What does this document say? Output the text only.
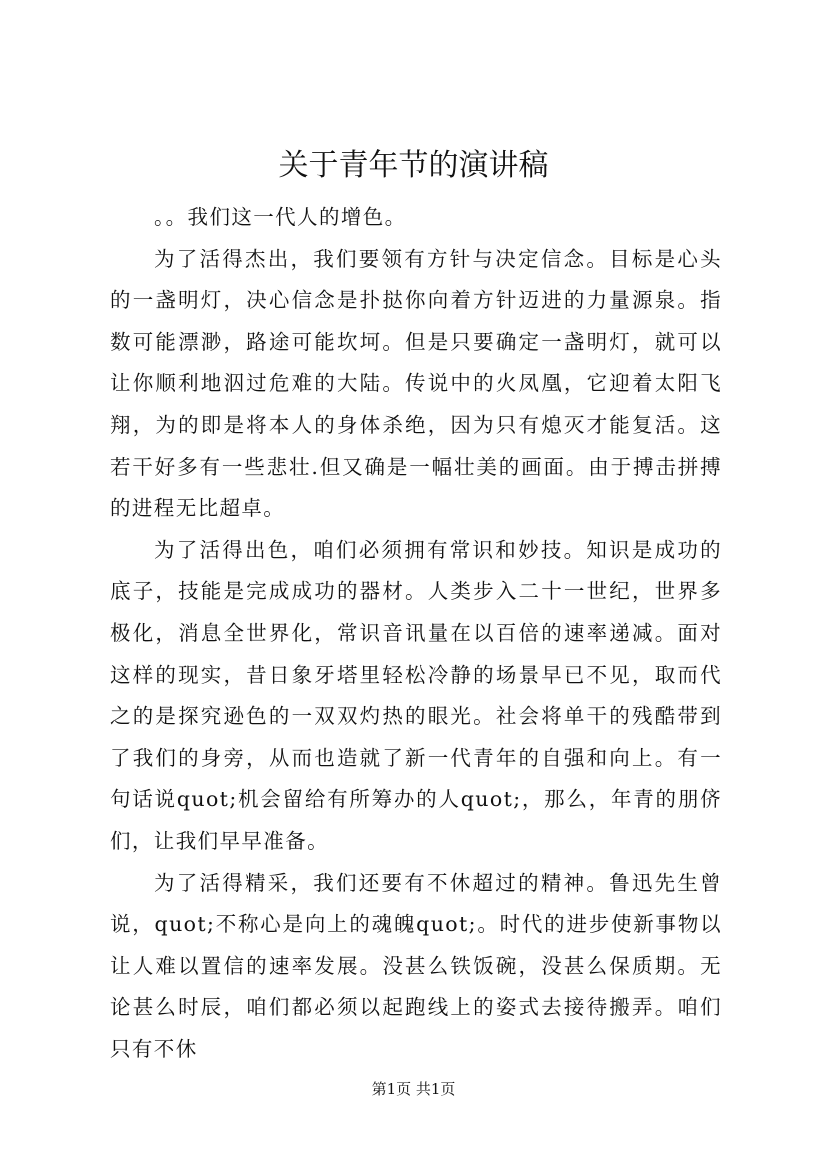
关于青年节的演讲稿

。。我们这一代人的增色。

为了活得杰出，我们要领有方针与决定信念。目标是心头的一盏明灯，决心信念是扑挞你向着方针迈进的力量源泉。指数可能漂渺，路途可能坎坷。但是只要确定一盏明灯，就可以让你顺利地泅过危难的大陆。传说中的火凤凰，它迎着太阳飞翔，为的即是将本人的身体杀绝，因为只有熄灭才能复活。这若干好多有一些悲壮.但又确是一幅壮美的画面。由于搏击拼搏的进程无比超卓。

为了活得出色，咱们必须拥有常识和妙技。知识是成功的底子，技能是完成成功的器材。人类步入二十一世纪，世界多极化，消息全世界化，常识音讯量在以百倍的速率递减。面对这样的现实，昔日象牙塔里轻松冷静的场景早已不见，取而代之的是探究逊色的一双双灼热的眼光。社会将单干的残酷带到了我们的身旁，从而也造就了新一代青年的自强和向上。有一句话说quot;机会留给有所筹办的人quot;，那么，年青的朋侪们，让我们早早准备。

为了活得精采，我们还要有不休超过的精神。鲁迅先生曾说，quot;不称心是向上的魂魄quot;。时代的进步使新事物以让人难以置信的速率发展。没甚么铁饭碗，没甚么保质期。无论甚么时辰，咱们都必须以起跑线上的姿式去接待搬弄。咱们只有不休

第1页 共1页
